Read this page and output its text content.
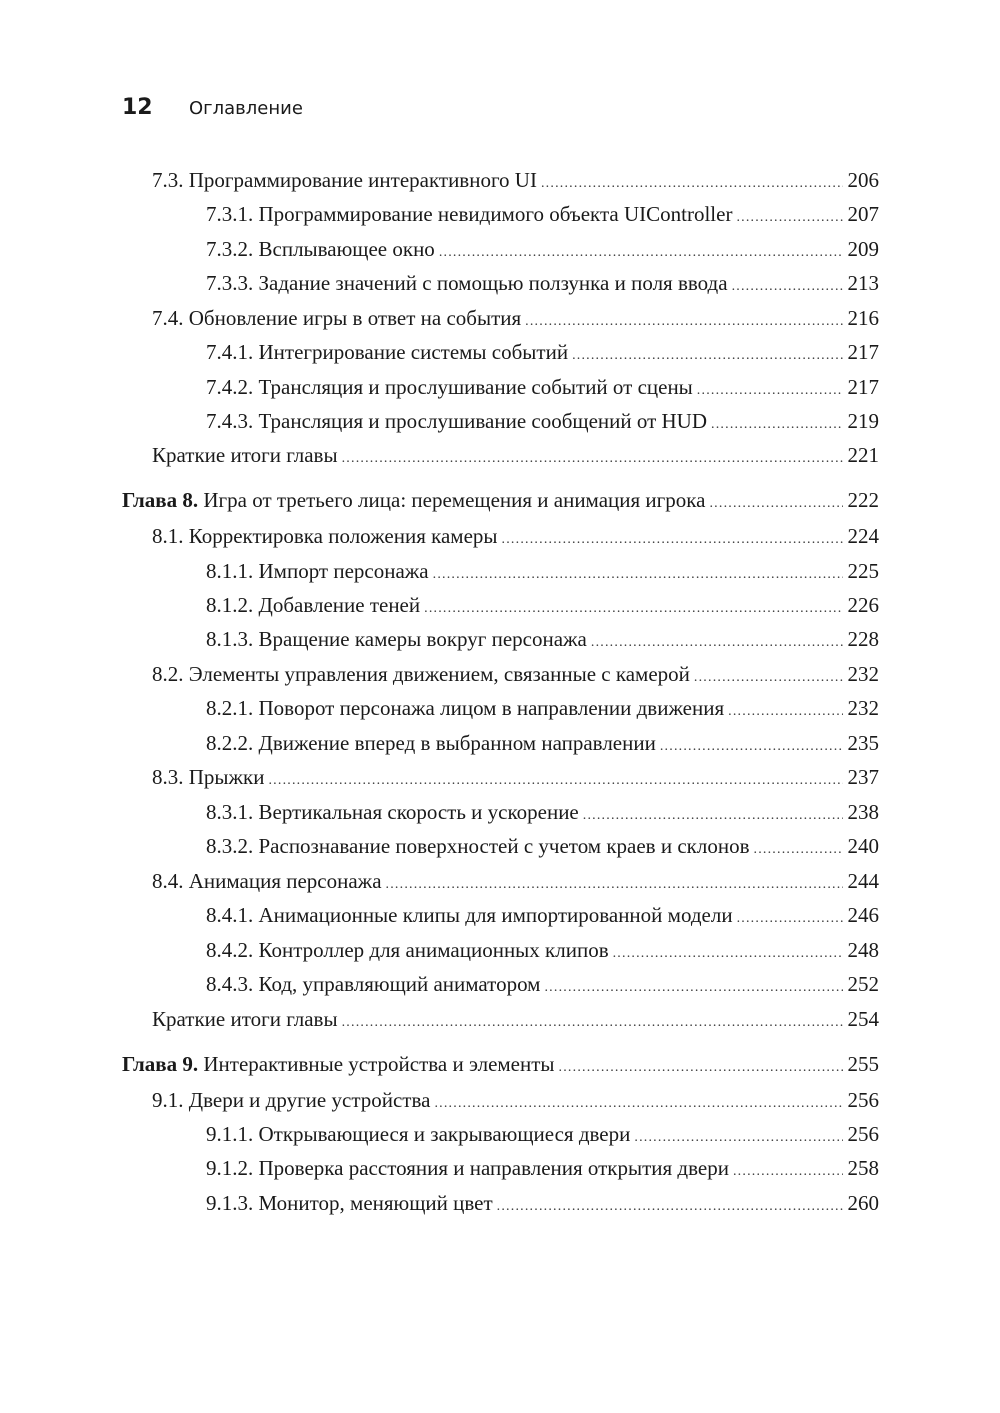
12 Оглавление
7.3. Программирование интерактивного UI .....	206
7.3.1. Программирование невидимого объекта UIController .....	207
7.3.2. Всплывающее окно .....	209
7.3.3. Задание значений с помощью ползунка и поля ввода .....	213
7.4. Обновление игры в ответ на события .....	216
7.4.1. Интегрирование системы событий .....	217
7.4.2. Трансляция и прослушивание событий от сцены .....	217
7.4.3. Трансляция и прослушивание сообщений от HUD .....	219
Краткие итоги главы .....	221
Глава 8. Игра от третьего лица: перемещения и анимация игрока .....	222
8.1. Корректировка положения камеры .....	224
8.1.1. Импорт персонажа .....	225
8.1.2. Добавление теней .....	226
8.1.3. Вращение камеры вокруг персонажа .....	228
8.2. Элементы управления движением, связанные с камерой .....	232
8.2.1. Поворот персонажа лицом в направлении движения .....	232
8.2.2. Движение вперед в выбранном направлении .....	235
8.3. Прыжки .....	237
8.3.1. Вертикальная скорость и ускорение .....	238
8.3.2. Распознавание поверхностей с учетом краев и склонов .....	240
8.4. Анимация персонажа .....	244
8.4.1. Анимационные клипы для импортированной модели .....	246
8.4.2. Контроллер для анимационных клипов .....	248
8.4.3. Код, управляющий аниматором .....	252
Краткие итоги главы .....	254
Глава 9. Интерактивные устройства и элементы .....	255
9.1. Двери и другие устройства .....	256
9.1.1. Открывающиеся и закрывающиеся двери .....	256
9.1.2. Проверка расстояния и направления открытия двери .....	258
9.1.3. Монитор, меняющий цвет .....	260
